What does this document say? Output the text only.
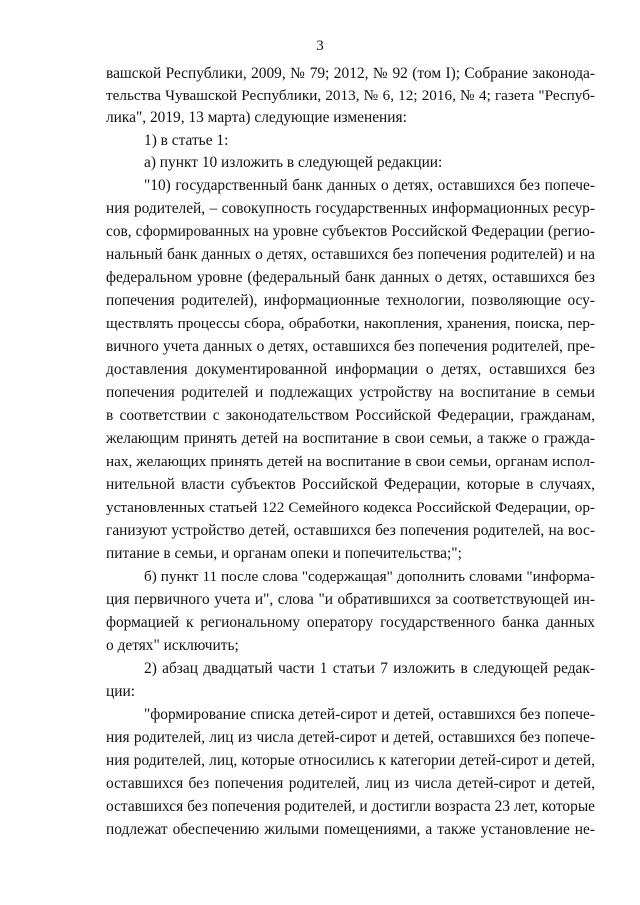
3
вашской Республики, 2009, № 79; 2012, № 92 (том I); Собрание законода-
тельства Чувашской Республики, 2013, № 6, 12; 2016, № 4; газета "Респуб-
лика", 2019, 13 марта) следующие изменения:
1) в статье 1:
а) пункт 10 изложить в следующей редакции:
"10) государственный банк данных о детях, оставшихся без попече-
ния родителей, – совокупность государственных информационных ресур-
сов, сформированных на уровне субъектов Российской Федерации (регио-
нальный банк данных о детях, оставшихся без попечения родителей) и на
федеральном уровне (федеральный банк данных о детях, оставшихся без
попечения родителей), информационные технологии, позволяющие осу-
ществлять процессы сбора, обработки, накопления, хранения, поиска, пер-
вичного учета данных о детях, оставшихся без попечения родителей, пре-
доставления документированной информации о детях, оставшихся без
попечения родителей и подлежащих устройству на воспитание в семьи
в соответствии с законодательством Российской Федерации, гражданам,
желающим принять детей на воспитание в свои семьи, а также о гражда-
нах, желающих принять детей на воспитание в свои семьи, органам испол-
нительной власти субъектов Российской Федерации, которые в случаях,
установленных статьей 122 Семейного кодекса Российской Федерации, ор-
ганизуют устройство детей, оставшихся без попечения родителей, на вос-
питание в семьи, и органам опеки и попечительства;";
б) пункт 11 после слова "содержащая" дополнить словами "информа-
ция первичного учета и", слова "и обратившихся за соответствующей ин-
формацией к региональному оператору государственного банка данных
о детях" исключить;
2) абзац двадцатый части 1 статьи 7 изложить в следующей редак-
ции:
"формирование списка детей-сирот и детей, оставшихся без попече-
ния родителей, лиц из числа детей-сирот и детей, оставшихся без попече-
ния родителей, лиц, которые относились к категории детей-сирот и детей,
оставшихся без попечения родителей, лиц из числа детей-сирот и детей,
оставшихся без попечения родителей, и достигли возраста 23 лет, которые
подлежат обеспечению жилыми помещениями, а также установление не-
